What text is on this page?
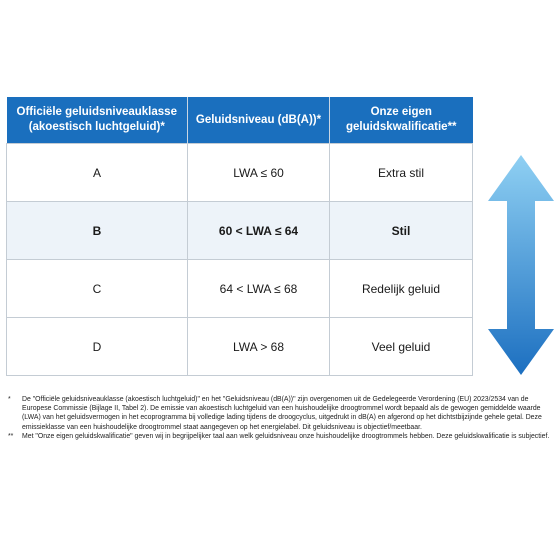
Officiële geluidsniveauklasse (akoestisch luchtgeluid)*	Geluidsniveau (dB(A))*	Onze eigen geluidskwalificatie**
A	LWA ≤ 60	Extra stil
B	60 < LWA ≤ 64	Stil
C	64 < LWA ≤ 68	Redelijk geluid
D	LWA > 68	Veel geluid
*	De "Officiële geluidsniveauklasse (akoestisch luchtgeluid)" en het "Geluidsniveau (dB(A))" zijn overgenomen uit de Gedelegeerde Verordening (EU) 2023/2534 van de Europese Commissie (Bijlage II, Tabel 2). De emissie van akoestisch luchtgeluid van een huishoudelijke droogtrommel wordt bepaald als de gewogen gemiddelde waarde (LWA) van het geluidsvermogen in het ecoprogramma bij volledige lading tijdens de droogcyclus, uitgedrukt in dB(A) en afgerond op het dichtstbijzijnde gehele getal. Deze emissieklasse van een huishoudelijke droogtrommel staat aangegeven op het energielabel. Dit geluidsniveau is objectief/meetbaar.
**	Met "Onze eigen geluidskwalificatie" geven wij in begrijpelijker taal aan welk geluidsniveau onze huishoudelijke droogtrommels hebben. Deze geluidskwalificatie is subjectief.
